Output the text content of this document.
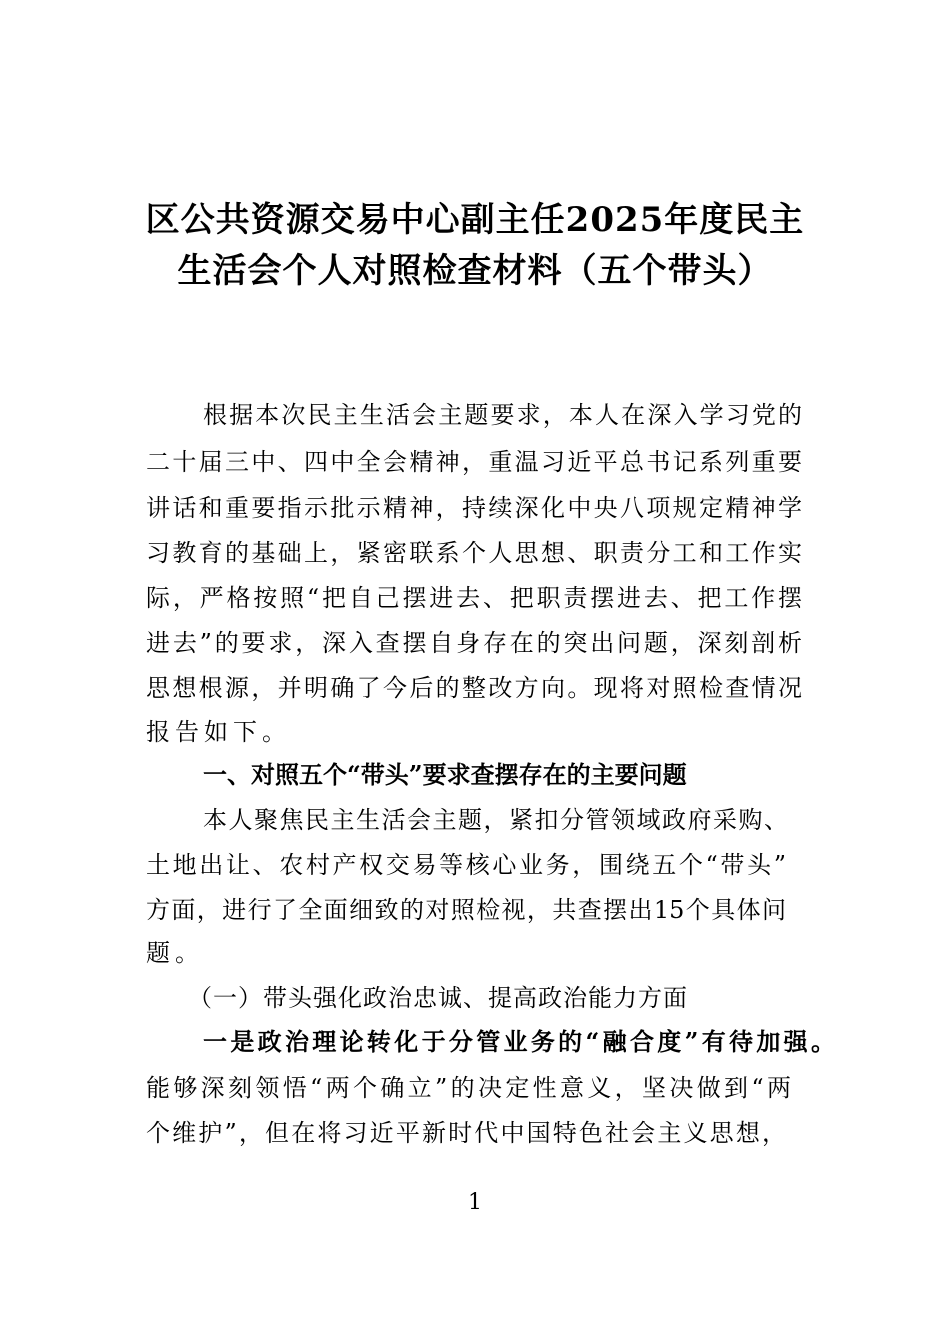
区公共资源交易中心副主任2025年度民主
生活会个人对照检查材料（五个带头）
根据本次民主生活会主题要求，本人在深入学习党的
二十届三中、四中全会精神，重温习近平总书记系列重要
讲话和重要指示批示精神，持续深化中央八项规定精神学
习教育的基础上，紧密联系个人思想、职责分工和工作实
际，严格按照“把自己摆进去、把职责摆进去、把工作摆
进去”的要求，深入查摆自身存在的突出问题，深刻剖析
思想根源，并明确了今后的整改方向。现将对照检查情况
报告如下。
一、对照五个“带头”要求查摆存在的主要问题
本人聚焦民主生活会主题，紧扣分管领域政府采购、
土地出让、农村产权交易等核心业务，围绕五个“带头”
方面，进行了全面细致的对照检视，共查摆出15个具体问
题。
（一）带头强化政治忠诚、提高政治能力方面
一是政治理论转化于分管业务的“融合度”有待加强。
能够深刻领悟“两个确立”的决定性意义，坚决做到“两
个维护”，但在将习近平新时代中国特色社会主义思想，
1
